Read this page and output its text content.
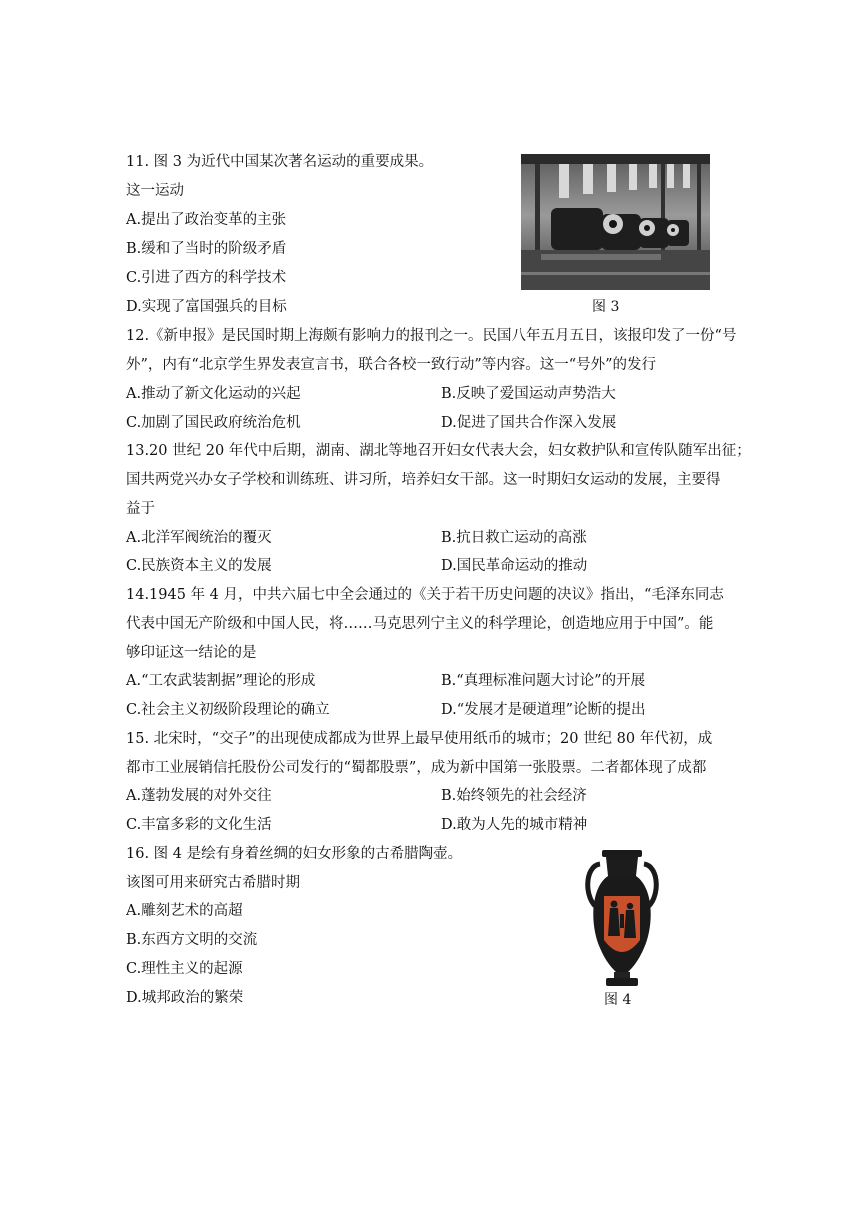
11. 图 3 为近代中国某次著名运动的重要成果。
这一运动
A.提出了政治变革的主张
B.缓和了当时的阶级矛盾
C.引进了西方的科学技术
D.实现了富国强兵的目标	图 3
12.《新申报》是民国时期上海颇有影响力的报刊之一。民国八年五月五日，该报印发了一份“号
外”，内有“北京学生界发表宣言书，联合各校一致行动”等内容。这一“号外”的发行
A.推动了新文化运动的兴起	B.反映了爱国运动声势浩大
C.加剧了国民政府统治危机	D.促进了国共合作深入发展
13.20 世纪 20 年代中后期，湖南、湖北等地召开妇女代表大会，妇女救护队和宣传队随军出征；
国共两党兴办女子学校和训练班、讲习所，培养妇女干部。这一时期妇女运动的发展，主要得
益于
A.北洋军阀统治的覆灭	B.抗日救亡运动的高涨
C.民族资本主义的发展	D.国民革命运动的推动
14.1945 年 4 月，中共六届七中全会通过的《关于若干历史问题的决议》指出，“毛泽东同志
代表中国无产阶级和中国人民，将……马克思列宁主义的科学理论，创造地应用于中国”。能
够印证这一结论的是
A.“工农武装割据”理论的形成	B.“真理标准问题大讨论”的开展
C.社会主义初级阶段理论的确立	D.“发展才是硬道理”论断的提出
15. 北宋时，“交子”的出现使成都成为世界上最早使用纸币的城市；20 世纪 80 年代初，成
都市工业展销信托股份公司发行的“蜀都股票”，成为新中国第一张股票。二者都体现了成都
A.蓬勃发展的对外交往	B.始终领先的社会经济
C.丰富多彩的文化生活	D.敢为人先的城市精神
16. 图 4 是绘有身着丝绸的妇女形象的古希腊陶壶。
该图可用来研究古希腊时期
A.雕刻艺术的高超
B.东西方文明的交流
C.理性主义的起源
D.城邦政治的繁荣	图 4
